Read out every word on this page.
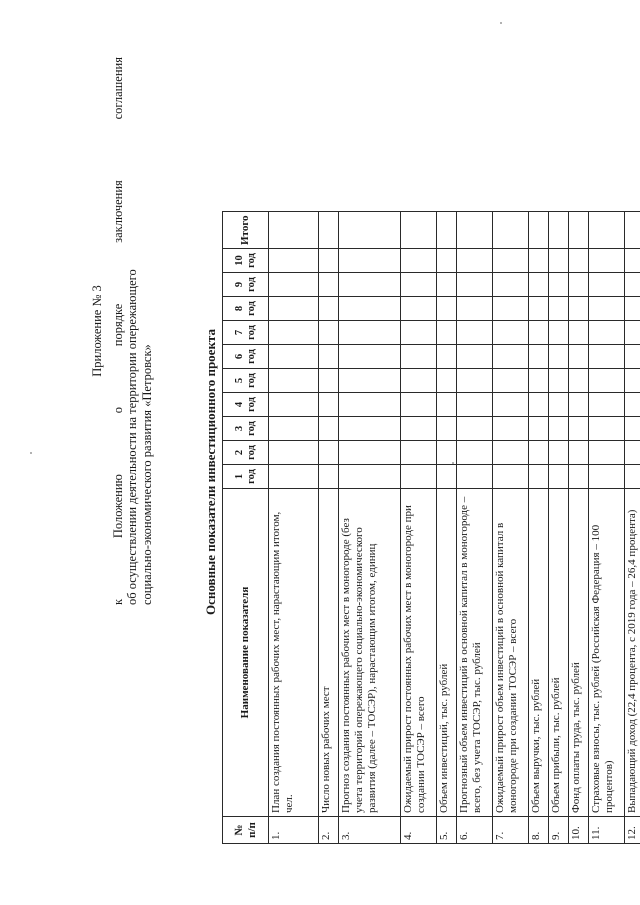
Приложение № 3
к
Положению
о
порядке
заключения
соглашения
об осуществлении деятельности на территории опережающего социально-экономического развития «Петровск»	Основные показатели инвестиционного проекта
№ п/п	Наименование показателя	1 год	2 год	3 год	4 год	5 год	6 год	7 год	8 год	9 год	10 год	Итого
1.	План создания постоянных рабочих мест, нарастающим итогом, чел.											
2.	Число новых рабочих мест											
3.	Прогноз создания постоянных рабочих мест в моногороде (без учета территорий опережающего социально-экономического развития (далее – ТОСЭР), нарастающим итогом, единиц											
4.	Ожидаемый прирост постоянных рабочих мест в моногороде при создании ТОСЭР – всего											
5.	Объем инвестиций, тыс. рублей											
6.	Прогнозный объем инвестиций в основной капитал в моногороде – всего, без учета ТОСЭР, тыс. рублей											
7.	Ожидаемый прирост объем инвестиций в основной капитал в моногороде при создании ТОСЭР – всего											
8.	Объем выручки, тыс. рублей											
9.	Объем прибыли, тыс. рублей											
10.	Фонд оплаты труда, тыс. рублей											
11.	Страховые взносы, тыс. рублей (Российская Федерация – 100 процентов)											
12.	Выпадающий доход (22,4 процента, с 2019 года – 26,4 процента)											
